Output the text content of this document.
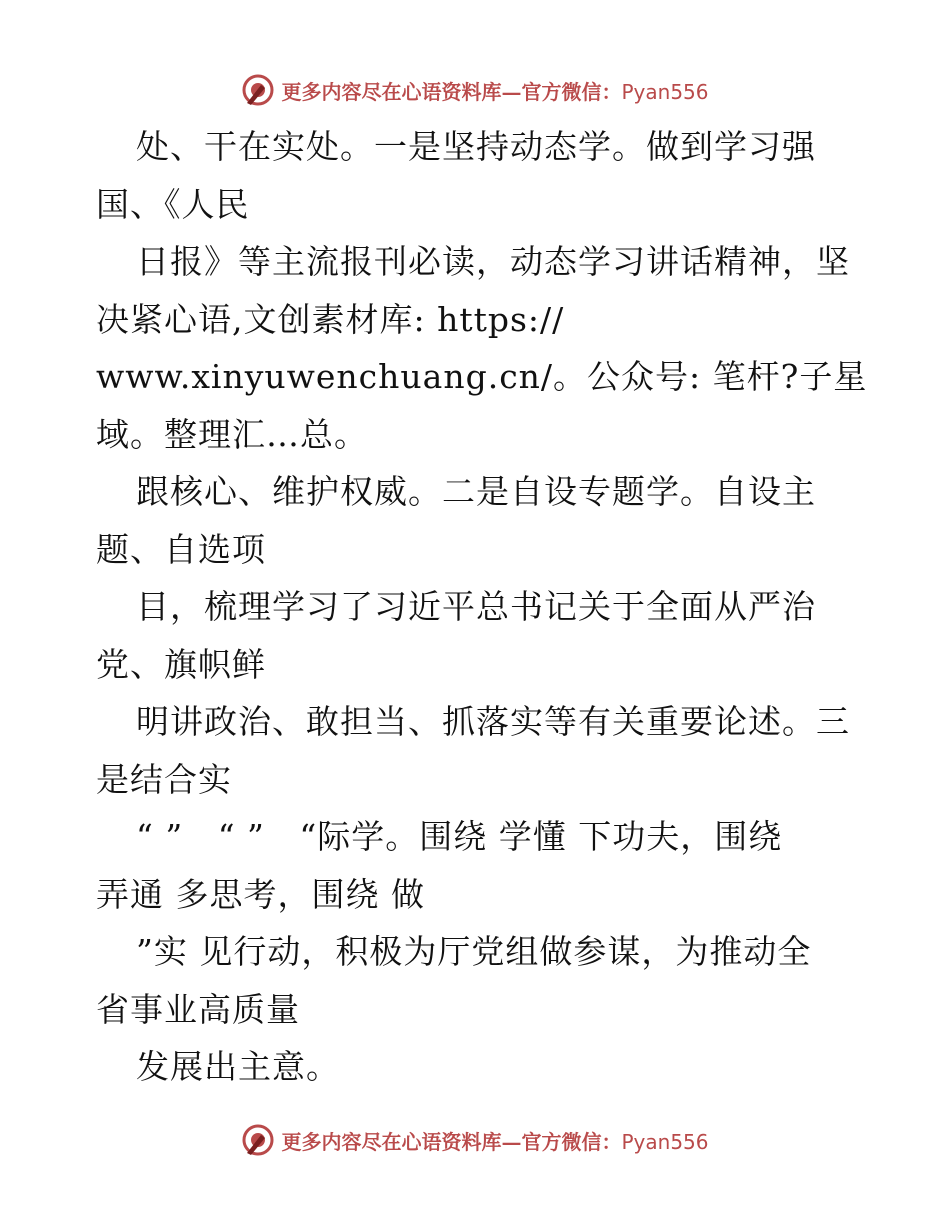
更多内容尽在心语资料库—官方微信：Pyan556
处、干在实处。一是坚持动态学。做到学习强
国、《人民
日报》等主流报刊必读，动态学习讲话精神，坚
决紧心语,文创素材库: https://
www.xinyuwenchuang.cn/。公众号: 笔杆?子星
域。整理汇…总。
跟核心、维护权威。二是自设专题学。自设主
题、自选项
目，梳理学习了习近平总书记关于全面从严治
党、旗帜鲜
明讲政治、敢担当、抓落实等有关重要论述。三
是结合实
“ ”   “ ”   “际学。围绕 学懂 下功夫，围绕
弄通 多思考，围绕 做
”实 见行动，积极为厅党组做参谋，为推动全
省事业高质量
发展出主意。
更多内容尽在心语资料库—官方微信：Pyan556
